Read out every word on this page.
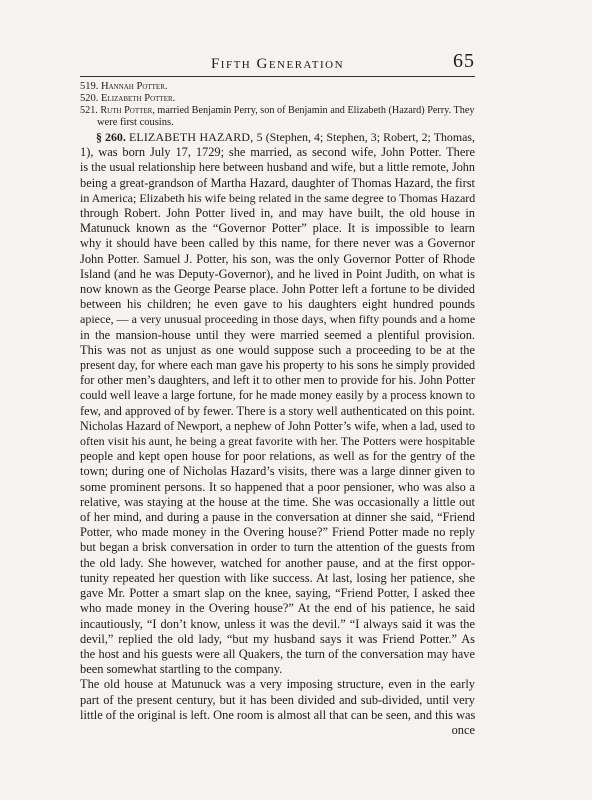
Fifth Generation	65
519. Hannah Potter.
520. Elizabeth Potter.
521. Ruth Potter, married Benjamin Perry, son of Benjamin and Elizabeth (Hazard) Perry. They
were first cousins.
§ 260. ELIZABETH HAZARD, 5 (Stephen, 4; Stephen, 3; Robert, 2; Thomas,
1), was born July 17, 1729; she married, as second wife, John Potter. There
is the usual relationship here between husband and wife, but a little remote, John
being a great-grandson of Martha Hazard, daughter of Thomas Hazard, the first
in America; Elizabeth his wife being related in the same degree to Thomas Hazard
through Robert. John Potter lived in, and may have built, the old house in
Matunuck known as the “Governor Potter” place. It is impossible to learn
why it should have been called by this name, for there never was a Governor
John Potter. Samuel J. Potter, his son, was the only Governor Potter of Rhode
Island (and he was Deputy-Governor), and he lived in Point Judith, on what is
now known as the George Pearse place. John Potter left a fortune to be divided
between his children; he even gave to his daughters eight hundred pounds
apiece, — a very unusual proceeding in those days, when fifty pounds and a home
in the mansion-house until they were married seemed a plentiful provision.
This was not as unjust as one would suppose such a proceeding to be at the
present day, for where each man gave his property to his sons he simply provided
for other men’s daughters, and left it to other men to provide for his. John Potter
could well leave a large fortune, for he made money easily by a process known to
few, and approved of by fewer. There is a story well authenticated on this point.
Nicholas Hazard of Newport, a nephew of John Potter’s wife, when a lad, used to
often visit his aunt, he being a great favorite with her. The Potters were hospitable
people and kept open house for poor relations, as well as for the gentry of the
town; during one of Nicholas Hazard’s visits, there was a large dinner given to
some prominent persons. It so happened that a poor pensioner, who was also a
relative, was staying at the house at the time. She was occasionally a little out
of her mind, and during a pause in the conversation at dinner she said, “Friend
Potter, who made money in the Overing house?” Friend Potter made no reply
but began a brisk conversation in order to turn the attention of the guests from
the old lady. She however, watched for another pause, and at the first oppor-
tunity repeated her question with like success. At last, losing her patience, she
gave Mr. Potter a smart slap on the knee, saying, “Friend Potter, I asked thee
who made money in the Overing house?” At the end of his patience, he said
incautiously, “I don’t know, unless it was the devil.” “I always said it was the
devil,” replied the old lady, “but my husband says it was Friend Potter.” As
the host and his guests were all Quakers, the turn of the conversation may have
been somewhat startling to the company.
The old house at Matunuck was a very imposing structure, even in the early
part of the present century, but it has been divided and sub-divided, until very
little of the original is left. One room is almost all that can be seen, and this was

once
